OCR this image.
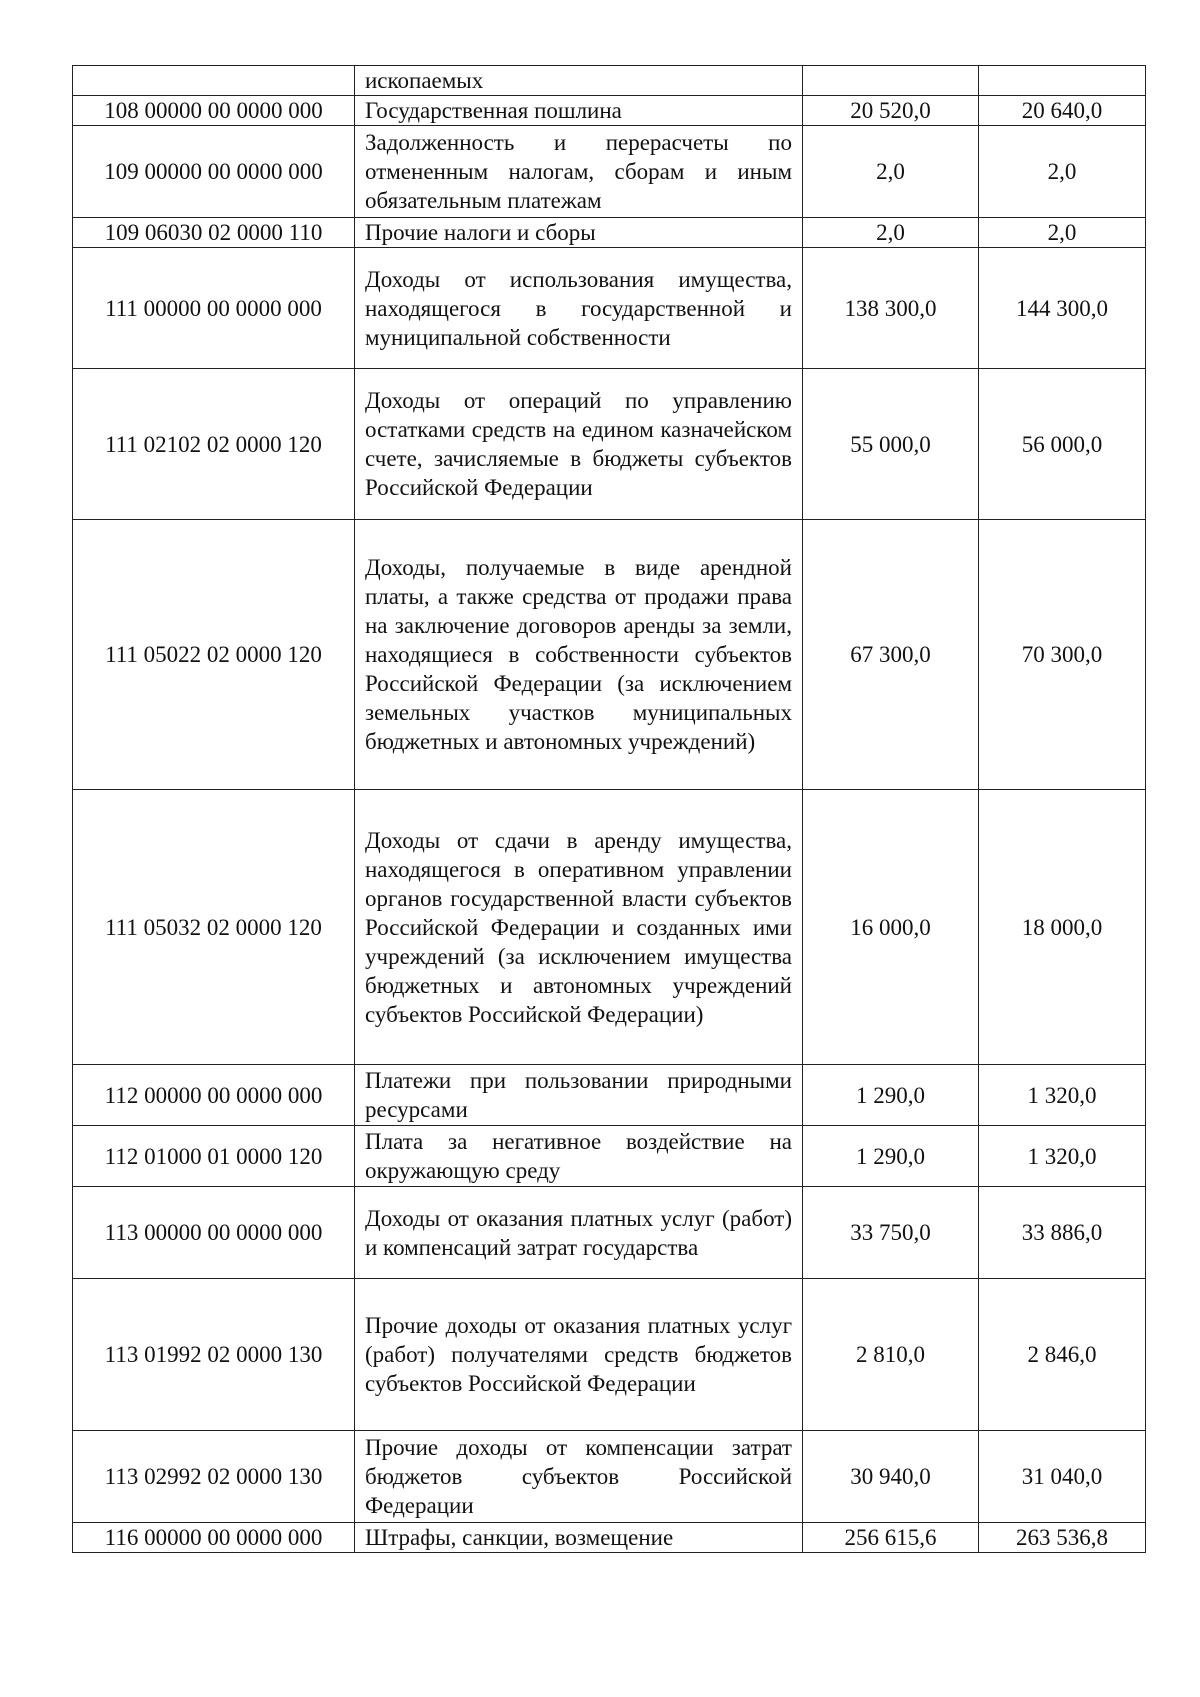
	ископаемых		
108 00000 00 0000 000	Государственная пошлина	20 520,0	20 640,0
109 00000 00 0000 000	Задолженность и перерасчеты по отмененным налогам, сборам и иным обязательным платежам	2,0	2,0
109 06030 02 0000 110	Прочие налоги и сборы	2,0	2,0
111 00000 00 0000 000	Доходы от использования имущества, находящегося в государственной и муниципальной собственности	138 300,0	144 300,0
111 02102 02 0000 120	Доходы от операций по управлению остатками средств на едином казначейском счете, зачисляемые в бюджеты субъектов Российской Федерации	55 000,0	56 000,0
111 05022 02 0000 120	Доходы, получаемые в виде арендной платы, а также средства от продажи права на заключение договоров аренды за земли, находящиеся в собственности субъектов Российской Федерации (за исключением земельных участков муниципальных бюджетных и автономных учреждений)	67 300,0	70 300,0
111 05032 02 0000 120	Доходы от сдачи в аренду имущества, находящегося в оперативном управлении органов государственной власти субъектов Российской Федерации и созданных ими учреждений (за исключением имущества бюджетных и автономных учреждений субъектов Российской Федерации)	16 000,0	18 000,0
112 00000 00 0000 000	Платежи при пользовании природными ресурсами	1 290,0	1 320,0
112 01000 01 0000 120	Плата за негативное воздействие на окружающую среду	1 290,0	1 320,0
113 00000 00 0000 000	Доходы от оказания платных услуг (работ) и компенсаций затрат государства	33 750,0	33 886,0
113 01992 02 0000 130	Прочие доходы от оказания платных услуг (работ) получателями средств бюджетов субъектов Российской Федерации	2 810,0	2 846,0
113 02992 02 0000 130	Прочие доходы от компенсации затрат бюджетов субъектов Российской Федерации	30 940,0	31 040,0
116 00000 00 0000 000	Штрафы, санкции, возмещение	256 615,6	263 536,8
